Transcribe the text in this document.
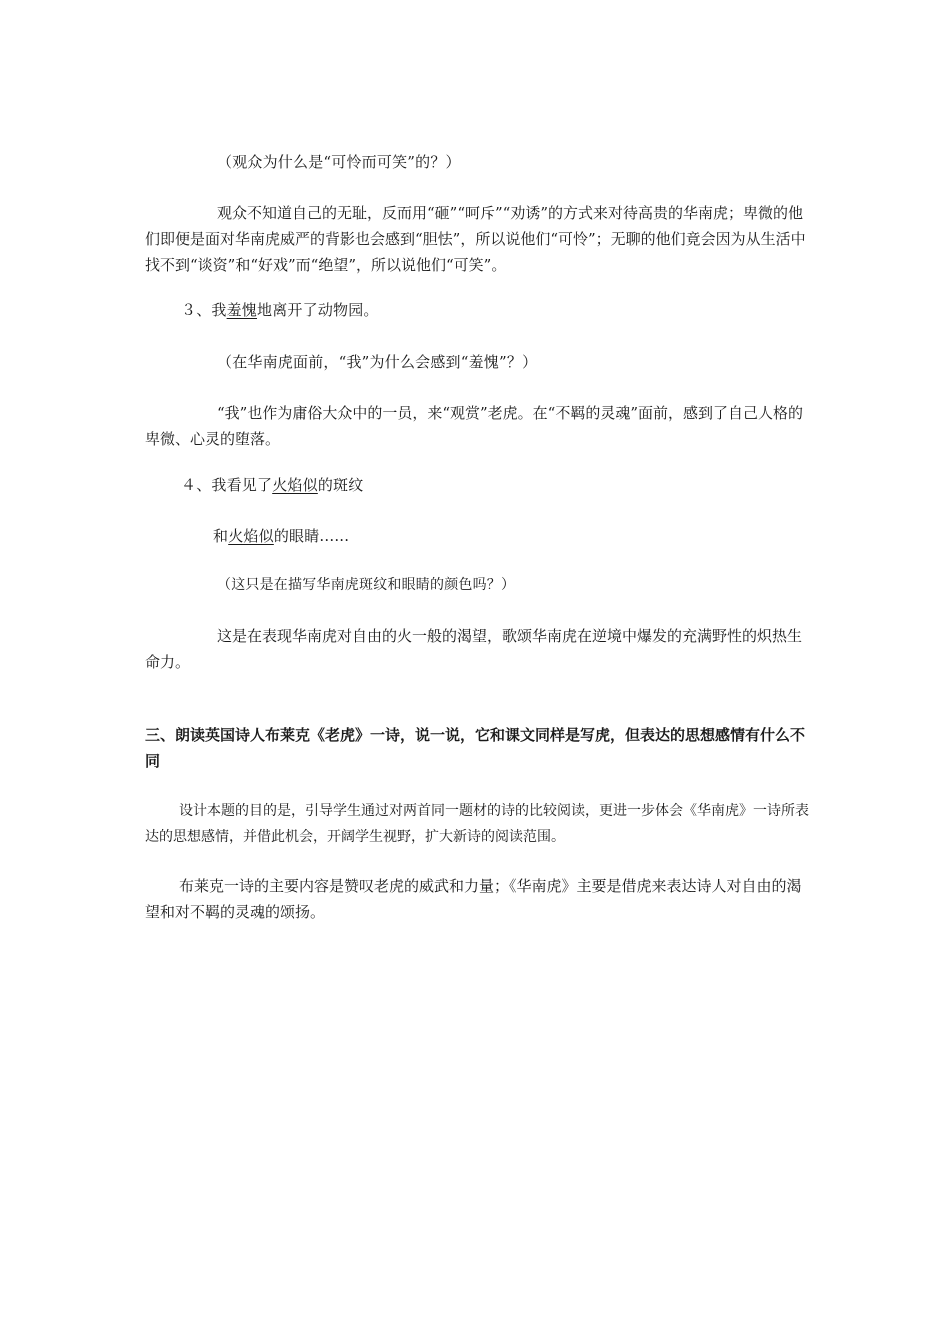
（观众为什么是“可怜而可笑”的？）
观众不知道自己的无耻，反而用“砸”“呵斥”“劝诱”的方式来对待高贵的华南虎；卑微的他们即便是面对华南虎威严的背影也会感到“胆怯”，所以说他们“可怜”；无聊的他们竟会因为从生活中找不到“谈资”和“好戏”而“绝望”，所以说他们“可笑”。
３、我羞愧地离开了动物园。
（在华南虎面前，“我”为什么会感到“羞愧”？）
“我”也作为庸俗大众中的一员，来“观赏”老虎。在“不羁的灵魂”面前，感到了自己人格的卑微、心灵的堕落。
４、我看见了火焰似的斑纹
和火焰似的眼睛......
（这只是在描写华南虎斑纹和眼睛的颜色吗？）
这是在表现华南虎对自由的火一般的渴望，歌颂华南虎在逆境中爆发的充满野性的炽热生命力。
三、朗读英国诗人布莱克《老虎》一诗，说一说，它和课文同样是写虎，但表达的思想感情有什么不同
设计本题的目的是，引导学生通过对两首同一题材的诗的比较阅读，更进一步体会《华南虎》一诗所表达的思想感情，并借此机会，开阔学生视野，扩大新诗的阅读范围。
布莱克一诗的主要内容是赞叹老虎的威武和力量；《华南虎》主要是借虎来表达诗人对自由的渴望和对不羁的灵魂的颂扬。
